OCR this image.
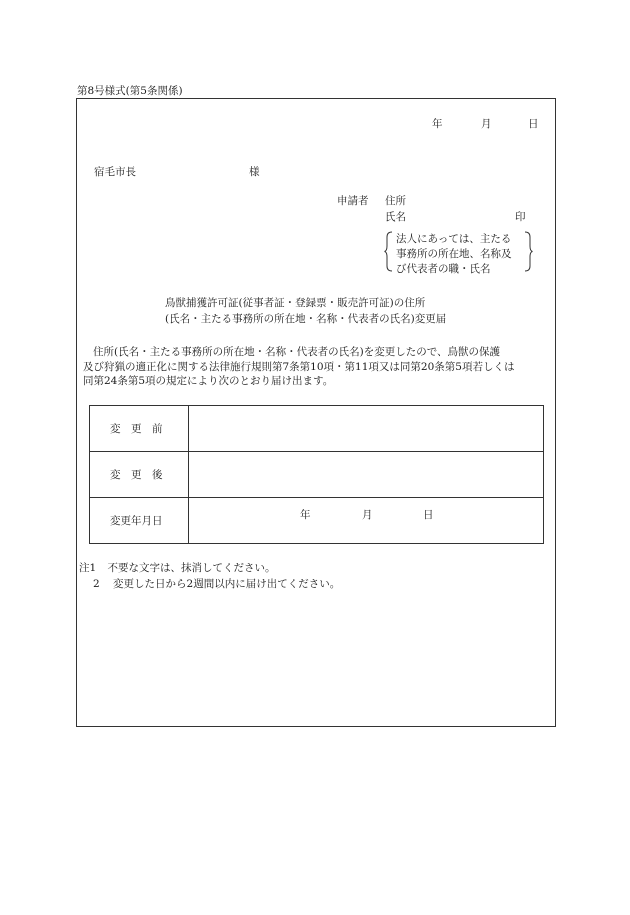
第8号様式(第5条関係)
年	月	日
宿毛市長	様
申請者 住所
氏名	印
法人にあっては、主たる
事務所の所在地、名称及
び代表者の職・氏名
鳥獣捕獲許可証(従事者証・登録票・販売許可証)の住所
(氏名・主たる事務所の所在地・名称・代表者の氏名)変更届
住所(氏名・主たる事務所の所在地・名称・代表者の氏名)を変更したので、鳥獣の保護
及び狩猟の適正化に関する法律施行規則第7条第10項・第11項又は同第20条第5項若しくは
同第24条第5項の規定により次のとおり届け出ます。
変　更　前	
変　更　後	
変更年月日	年 月 日
注1 不要な文字は、抹消してください。
2 変更した日から2週間以内に届け出てください。
